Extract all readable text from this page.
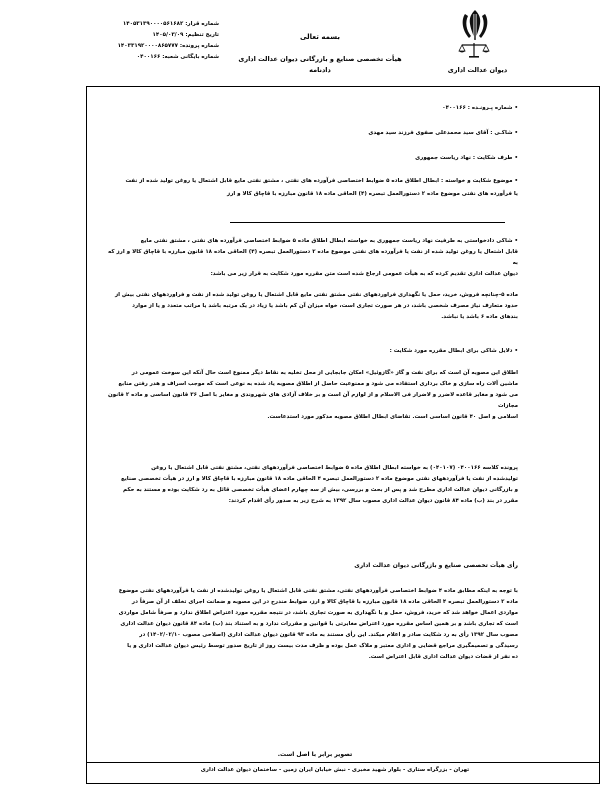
دیوان عدالت اداری
بسمه تعالی
هیأت تخصصی صنایع و بازرگانی دیوان عدالت اداری
دادنامه
شماره قرار: ۱۴۰۵۳۱۳۹۰۰۰۰۵۶۱۶۸۲
تاریخ تنظیم: ۱۴۰۵/۰۳/۰۹
شماره پرونده: ۱۴۰۳۳۱۹۲۰۰۰۰۸۶۵۷۷۷
شماره بایگانی شعبه: ۰۴۰۰۱۶۶
•شماره پـرونـده : ۰۴۰۰۱۶۶
•شاکـی : آقای سید محمدعلی صفوی فرزند سید مهدی
•طرف شکایت : نهاد ریاست جمهوری
•موضوع شکایت و خواسته : ابطال اطلاق ماده ۵ ضوابط اختصاصی فرآورده های نفتی ، مشتق نفتی مایع قابل اشتعال یا روغن تولید شده از نفت
یا فرآورده های نفتی موضوع ماده ۲ دستورالعمل تبصره (۴) الحاقی ماده ۱۸ قانون مبارزه با قاچاق کالا و ارز
•شاکی دادخواستی به طرفیت نهاد ریاست جمهوری به خواسته ابطال اطلاق ماده ۵ ضوابط اختصاصی فرآورده های نفتی ، مشتق نفتی مایع
قابل اشتعال یا روغن تولید شده از نفت یا فرآورده های نفتی موضوع ماده ۲ دستورالعمل تبصره (۴) الحاقی ماده ۱۸ قانون مبارزه با قاچاق کالا و ارز که به
دیوان عدالت اداری تقدیم کرده که به هیأت عمومی ارجاع شده است متن مقرره مورد شکایت به قرار زیر می باشد:
ماده ۵-چنانچه فروش، خرید، حمل یا نگهداری فراوردههای نفتی مشتق نفتی مایع قابل اشتعال یا روغن تولید شده از نفت و فراوردههای نفتی بیش از
حدود متعارف نیاز مصرف شخصی باشد، در هر صورت تجاری است، خواه میزان آن کم باشد یا زیاد در یک مرتبه باشد یا مراتب متعدد و یا از موارد
بندهای ماده ۶ باشد یا نباشد.
•دلایل شاکی برای ابطال مقرره مورد شکایت :
اطلاق این مصوبه آن است که برای نفت و گاز «گازوئیل» امکان جابجایی از محل تخلیه به نقاط دیگر ممنوع است حال آنکه این سوخت عمومی در
ماشین آلات راه سازی و خاک برداری استفاده می شود و ممنوعیت حاصل از اطلاق مصوبه یاد شده به نوعی است که موجب اسراف و هدر رفتن منابع
می شود و مغایر قاعده لاضرر و لاضرار فی الاسلام و از لوازم آن است و بر خلاف آزادی های شهروندی و مغایر با اصل ۳۶ قانون اساسی و ماده ۲ قانون مجازات
اسلامی و اصل ۴۰ قانون اساسی است. تقاضای ابطال اطلاق مصوبه مذکور مورد استدعاست.
پرونده کلاسه ۰۴۰۰۱۶۶ (۰۴۰۱۰۷) به خواسته ابطال اطلاق ماده ۵ ضوابط اختصاصی فرآوردههای نفتی، مشتق نفتی قابل اشتعال یا روغن
تولیدشده از نفت یا فرآوردههای نفتی موضوع ماده ۲ دستورالعمل تبصره ۴ الحاقی ماده ۱۸ قانون مبارزه با قاچاق کالا و ارز در هیأت تخصصی صنایع
و بازرگانی دیوان عدالت اداری مطرح شد و پس از بحث و بررسی، بیش از سه چهارم اعضای هیأت تخصصی قائل به رد شکایت بوده و مستند به حکم
مقرر در بند (ب) ماده ۸۴ قانون دیوان عدالت اداری مصوب سال ۱۳۹۲ به شرح زیر به صدور رأی اقدام کردند:
رأی هیأت تخصصی صنایع و بازرگانی دیوان عدالت اداری
با توجه به اینکه مطابق ماده ۴ ضوابط اختصاصی فرآوردههای نفتی، مشتق نفتی قابل اشتعال یا روغن تولیدشده از نفت یا فرآوردههای نفتی موضوع
ماده ۲ دستورالعمل تبصره ۴ الحاقی ماده ۱۸ قانون مبارزه با قاچاق کالا و ارز، ضوابط مندرج در این مصوبه و ضمانت اجرای تخلف از آن صرفاً در
مواردی اعمال خواهد شد که خرید، فروش، حمل و یا نگهداری به صورت تجاری باشد، در نتیجه مقرره مورد اعتراض اطلاق ندارد و صرفاً شامل مواردی
است که تجاری باشد و بر همین اساس مقرره مورد اعتراض مغایرتی با قوانین و مقررات ندارد و به استناد بند (ب) ماده ۸۴ قانون دیوان عدالت اداری
مصوب سال ۱۳۹۲ رأی به رد شکایت صادر و اعلام میکند. این رأی مستند به ماده ۹۳ قانون دیوان عدالت اداری (اصلاحی مصوب ۱۴۰۲/۰۲/۱۰) در
رسیدگی و تصمیمگیری مراجع قضایی و اداری معتبر و ملاک عمل بوده و ظرف مدت بیست روز از تاریخ صدور توسط رئیس دیوان عدالت اداری و یا
ده نفر از قضات دیوان عدالت اداری قابل اعتراض است.
تصویر برابر با اصل است.
تهران - بزرگراه ستاری - بلوار شهید مخبری - نبش خیابان ایران زمین - ساختمان دیوان عدالت اداری
